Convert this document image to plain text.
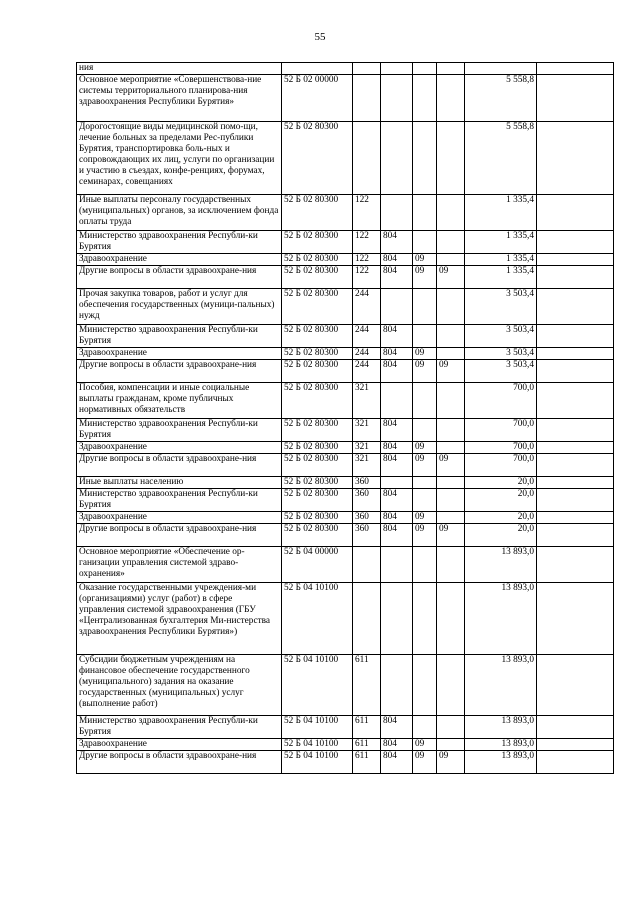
55
ния							
Основное мероприятие «Совершенствова-ние системы территориального планирова-ния здравоохранения Республики Бурятия»	52 Б 02 00000					5 558,8	
Дорогостоящие виды медицинской помо-щи, лечение больных за пределами Рес-публики Бурятия, транспортировка боль-ных и сопровождающих их лиц, услуги по организации и участию в съездах, конфе-ренциях, форумах, семинарах, совещаниях	52 Б 02 80300					5 558,8	
Иные выплаты персоналу государственных (муниципальных) органов, за исключением фонда оплаты труда	52 Б 02 80300	122				1 335,4	
Министерство здравоохранения Республи-ки Бурятия	52 Б 02 80300	122	804			1 335,4	
Здравоохранение	52 Б 02 80300	122	804	09		1 335,4	
Другие вопросы в области здравоохране-ния	52 Б 02 80300	122	804	09	09	1 335,4	
Прочая закупка товаров, работ и услуг для обеспечения государственных (муници-пальных) нужд	52 Б 02 80300	244				3 503,4	
Министерство здравоохранения Республи-ки Бурятия	52 Б 02 80300	244	804			3 503,4	
Здравоохранение	52 Б 02 80300	244	804	09		3 503,4	
Другие вопросы в области здравоохране-ния	52 Б 02 80300	244	804	09	09	3 503,4	
Пособия, компенсации и иные социальные выплаты гражданам, кроме публичных нормативных обязательств	52 Б 02 80300	321				700,0	
Министерство здравоохранения Республи-ки Бурятия	52 Б 02 80300	321	804			700,0	
Здравоохранение	52 Б 02 80300	321	804	09		700,0	
Другие вопросы в области здравоохране-ния	52 Б 02 80300	321	804	09	09	700,0	
Иные выплаты населению	52 Б 02 80300	360				20,0	
Министерство здравоохранения Республи-ки Бурятия	52 Б 02 80300	360	804			20,0	
Здравоохранение	52 Б 02 80300	360	804	09		20,0	
Другие вопросы в области здравоохране-ния	52 Б 02 80300	360	804	09	09	20,0	
Основное мероприятие «Обеспечение ор-ганизации управления системой здраво-охранения»	52 Б 04 00000					13 893,0	
Оказание государственными учреждения-ми (организациями) услуг (работ) в сфере управления системой здравоохранения (ГБУ «Централизованная бухгалтерия Ми-нистерства здравоохранения Республики Бурятия»)	52 Б 04 10100					13 893,0	
Субсидии бюджетным учреждениям на финансовое обеспечение государственного (муниципального) задания на оказание государственных (муниципальных) услуг (выполнение работ)	52 Б 04 10100	611				13 893,0	
Министерство здравоохранения Республи-ки Бурятия	52 Б 04 10100	611	804			13 893,0	
Здравоохранение	52 Б 04 10100	611	804	09		13 893,0	
Другие вопросы в области здравоохране-ния	52 Б 04 10100	611	804	09	09	13 893,0	
